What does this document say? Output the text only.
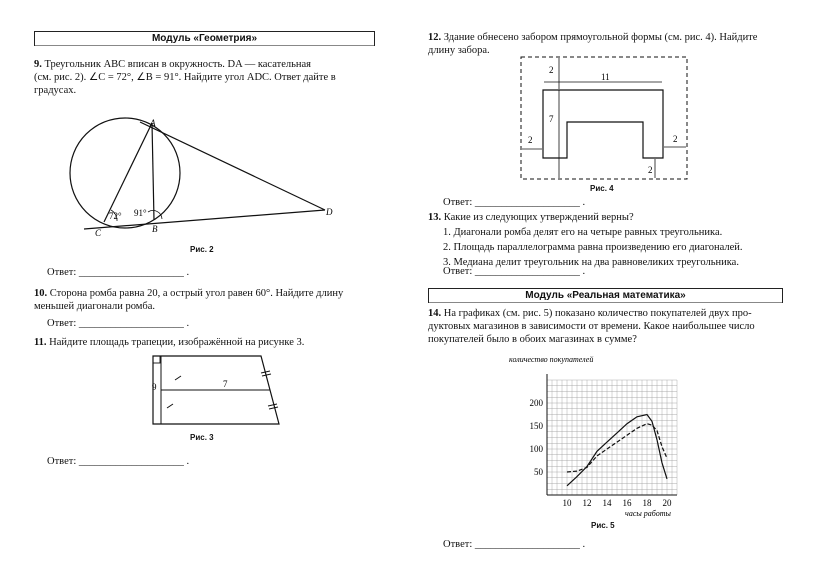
Модуль «Геометрия»
9. Треугольник ABC вписан в окружность. DA — касательная
(см. рис. 2). ∠C = 72°, ∠B = 91°. Найдите угол ADC. Ответ дайте в
градусах.
A
C	B
D
72° 91°
Рис. 2
Ответ: ____________________ .
10. Сторона ромба равна 20, а острый угол равен 60°. Найдите длину
меньшей диагонали ромба.
Ответ: ____________________ .
11. Найдите площадь трапеции, изображённой на рисунке 3.
9	7
Рис. 3
Ответ: ____________________ .
12. Здание обнесено забором прямоугольной формы (см. рис. 4). Найдите
длину забора.
2
11
7
2	2
2
Рис. 4
Ответ: ____________________ .
13. Какие из следующих утверждений верны?
1. Диагонали ромба делят его на четыре равных треугольника.
2. Площадь параллелограмма равна произведению его диагоналей.
3. Медиана делит треугольник на два равновеликих треугольника.
Ответ: ____________________ .
Модуль «Реальная математика»
14. На графиках (см. рис. 5) показано количество покупателей двух про-
дуктовых магазинов в зависимости от времени. Какое наибольшее число
покупателей было в обоих магазинах в сумме?
количество покупателей
10 12 14 16 18 20
50
100
150
200
часы работы
Рис. 5
Ответ: ____________________ .
